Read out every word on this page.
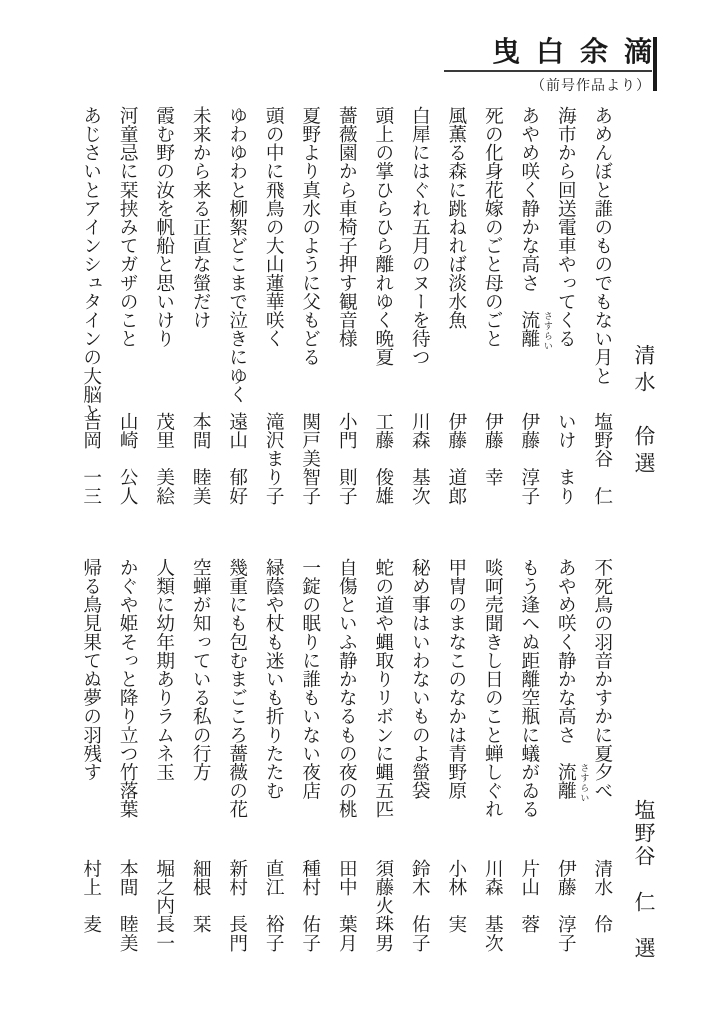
曳白余滴
（前号作品より）
清水　伶選
あめんぼと誰のものでもない月と
塩野谷　仁
海市から回送電車やってくる
いけ　まり
あやめ咲く静かな高さ　流離
伊藤　淳子
さすらい
死の化身花嫁のごと母のごと
伊藤　幸
風薫る森に跳ねれば淡水魚
伊藤　道郎
白犀にはぐれ五月のヌーを待つ
川森　基次
頭上の掌ひらひら離れゆく晩夏
工藤　俊雄
薔薇園から車椅子押す観音様
小門　則子
夏野より真水のように父もどる
関戸美智子
頭の中に飛鳥の大山蓮華咲く
滝沢まり子
ゆわゆわと柳絮どこまで泣きにゆく
遠山　郁好
未来から来る正直な螢だけ
本間　睦美
霞む野の汝を帆船と思いけり
茂里　美絵
河童忌に栞挟みてガザのこと
山崎　公人
あじさいとアインシュタインの大脳と
吉岡　一三
塩野谷　仁　選
不死鳥の羽音かすかに夏夕べ
清水　伶
あやめ咲く静かな高さ　流離
伊藤　淳子
さすらい
もう逢へぬ距離空瓶に蟻がゐる
片山　蓉
啖呵売聞きし日のこと蝉しぐれ
川森　基次
甲冑のまなこのなかは青野原
小林　実
秘め事はいわないものよ螢袋
鈴木　佑子
蛇の道や蝿取りリボンに蝿五匹
須藤火珠男
自傷といふ静かなるもの夜の桃
田中　葉月
一錠の眠りに誰もいない夜店
種村　佑子
緑蔭や杖も迷いも折りたたむ
直江　裕子
幾重にも包むまごころ薔薇の花
新村　長門
空蝉が知っている私の行方
細根　栞
人類に幼年期ありラムネ玉
堀之内長一
かぐや姫そっと降り立つ竹落葉
本間　睦美
帰る鳥見果てぬ夢の羽残す
村上　麦
